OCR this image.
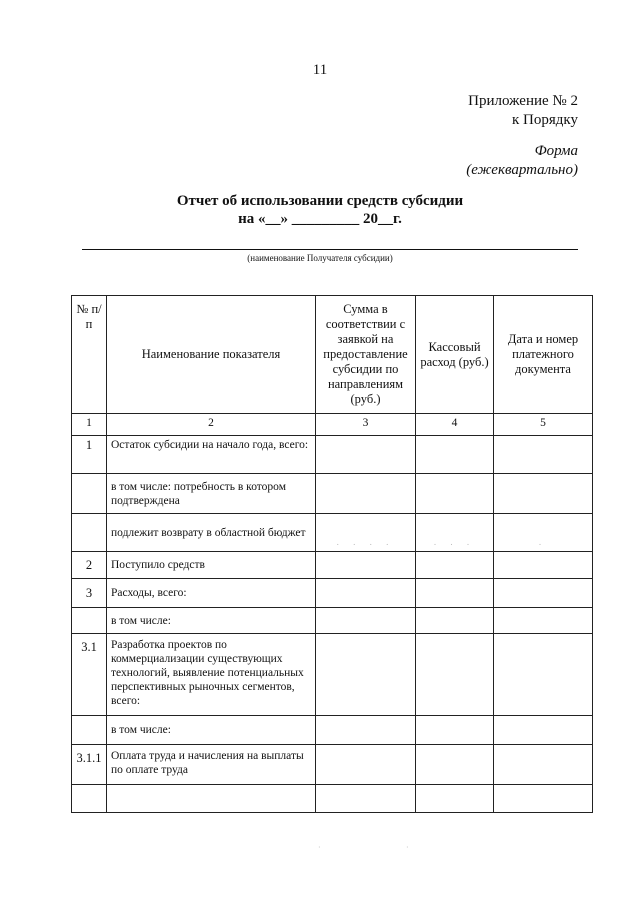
11
Приложение № 2
к Порядку
Форма
(ежеквартально)
Отчет об использовании средств субсидии
на «__» _________ 20__г.
(наименование Получателя субсидии)
№ п/п	Наименование показателя	Сумма в соответствии с заявкой на предоставление субсидии по направлениям (руб.)	Кассовый расход (руб.)	Дата и номер платежного документа
1	2	3	4	5
1	Остаток субсидии на начало года, всего:			
	в том числе: потребность в котором подтверждена			
	подлежит возврату в областной бюджет	. . . .	. . .	.
2	Поступило средств			
3	Расходы, всего:			
	в том числе:			
3.1	Разработка проектов по коммерциализации существующих технологий, выявление потенциальных перспективных рыночных сегментов, всего:			
	в том числе:			
3.1.1	Оплата труда и начисления на выплаты по оплате труда			

·	·
